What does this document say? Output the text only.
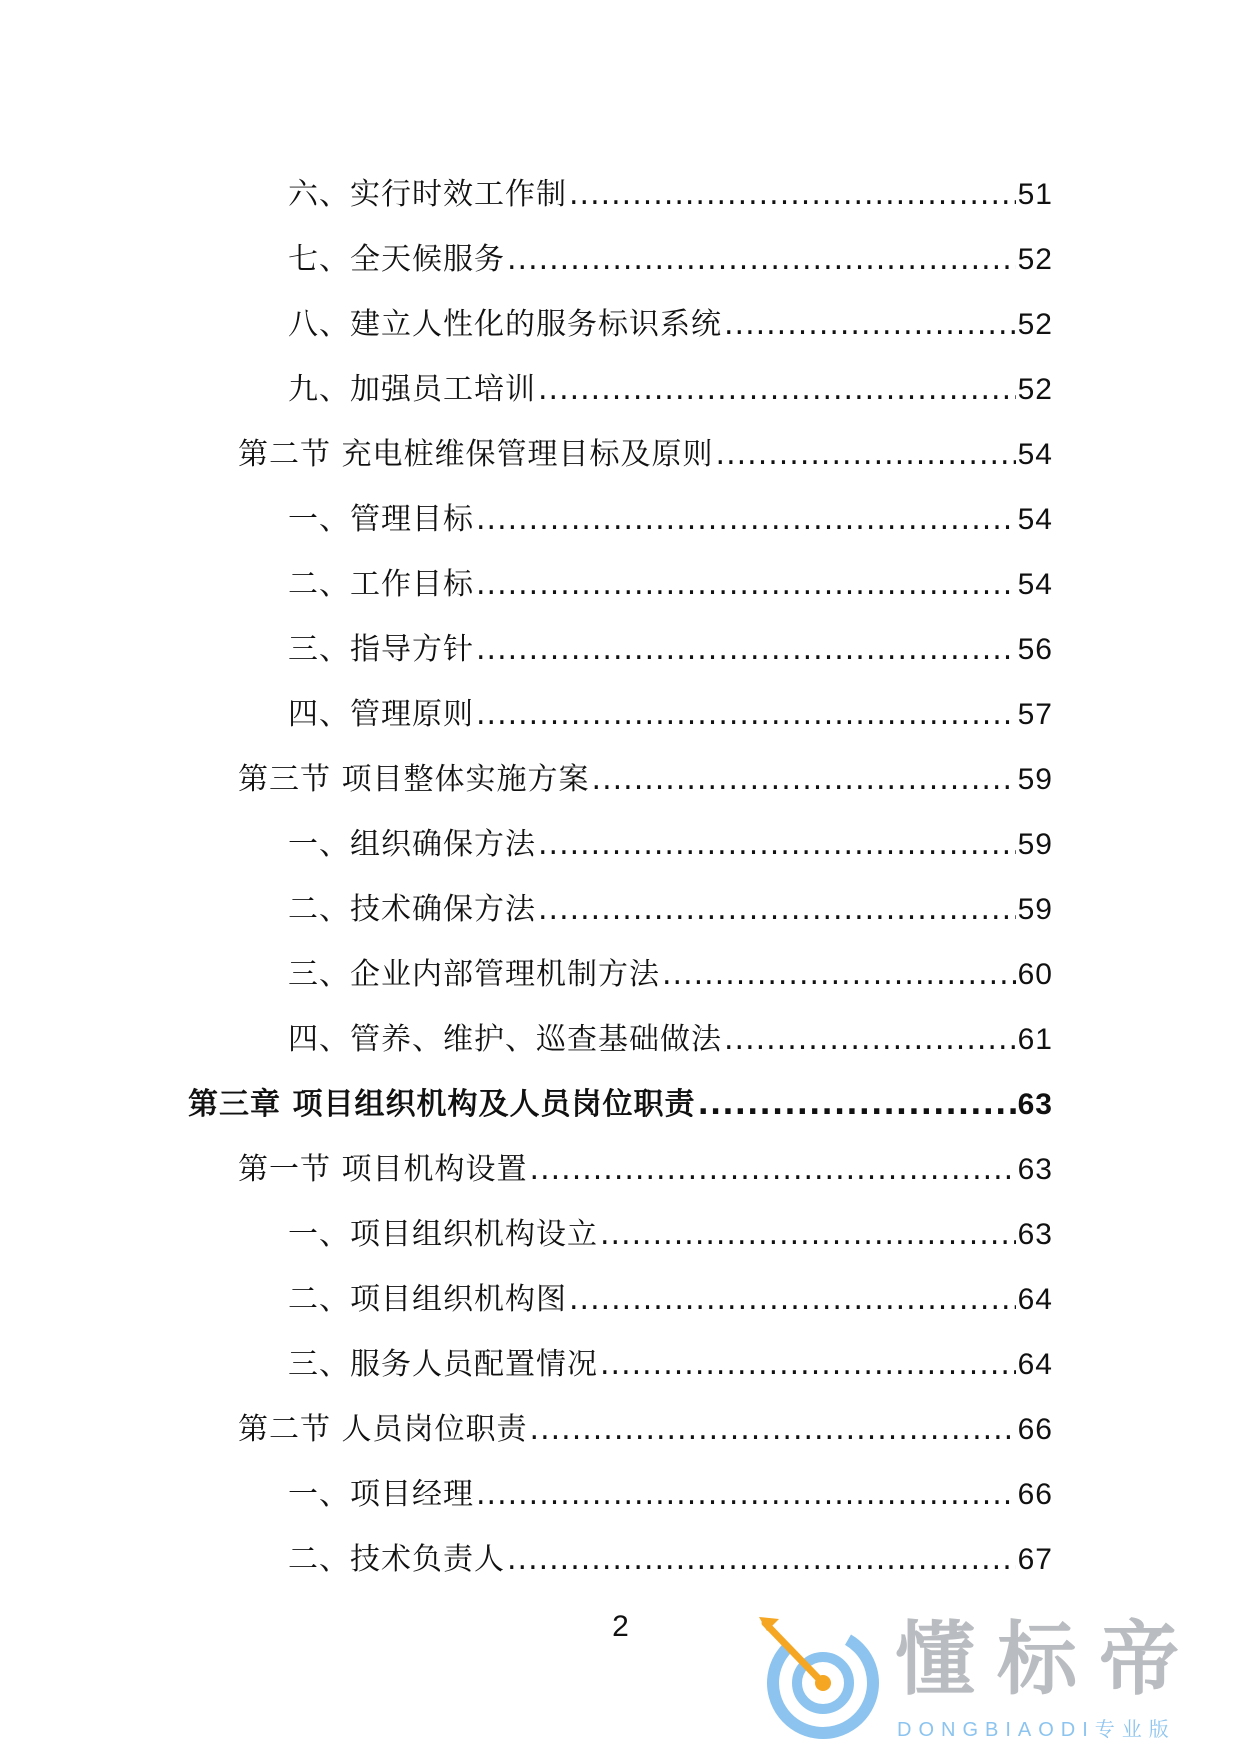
六、实行时效工作制 .....	51
七、全天候服务 .....	52
八、建立人性化的服务标识系统 .....	52
九、加强员工培训 .....	52
第二节 充电桩维保管理目标及原则 .....	54
一、管理目标 .....	54
二、工作目标 .....	54
三、指导方针 .....	56
四、管理原则 .....	57
第三节 项目整体实施方案 .....	59
一、组织确保方法 .....	59
二、技术确保方法 .....	59
三、企业内部管理机制方法 .....	60
四、管养、维护、巡查基础做法 .....	61
第三章 项目组织机构及人员岗位职责 .....	63
第一节 项目机构设置 .....	63
一、项目组织机构设立 .....	63
二、项目组织机构图 .....	64
三、服务人员配置情况 .....	64
第二节 人员岗位职责 .....	66
一、项目经理 .....	66
二、技术负责人 .....	67
2	懂标帝
DONGBIAODI专业版
